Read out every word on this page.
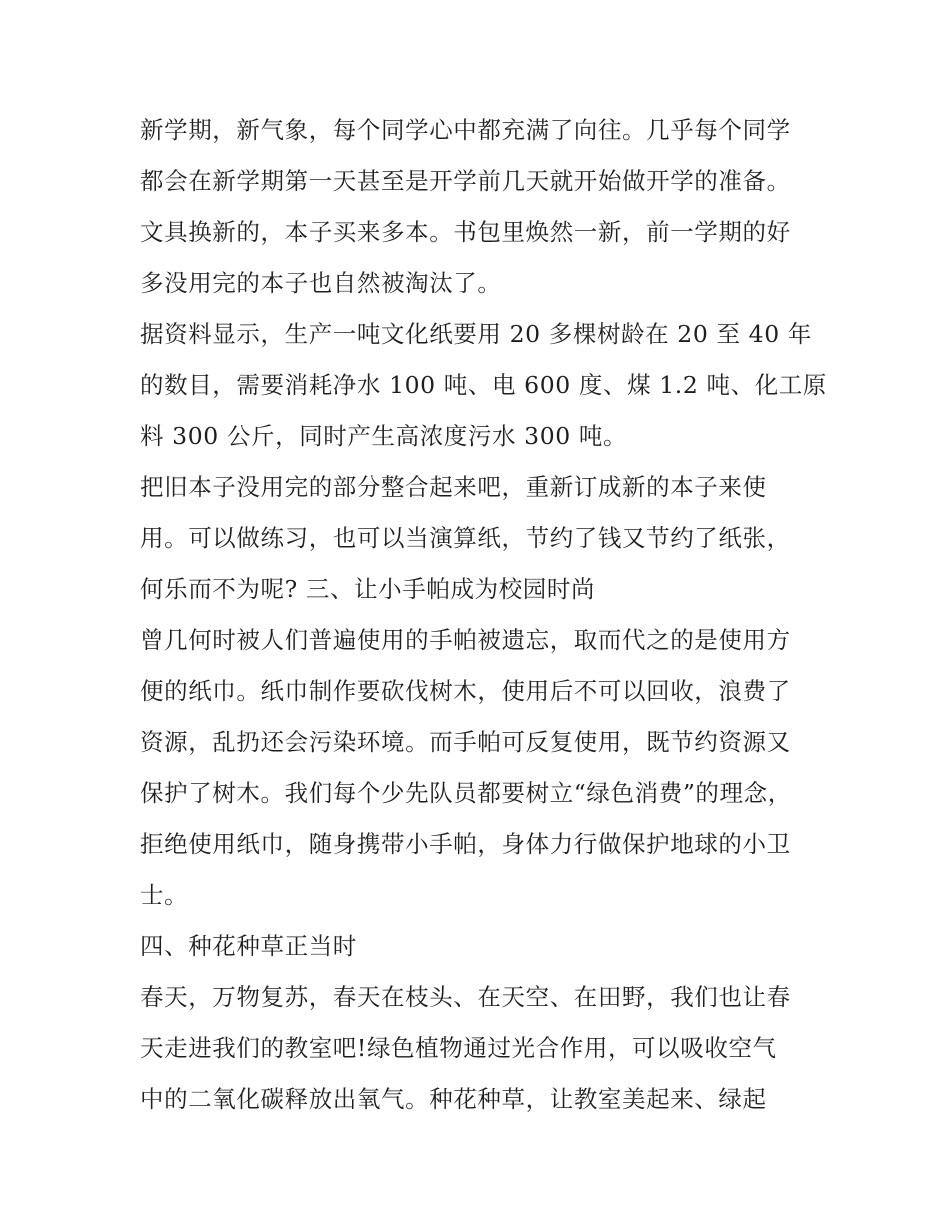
新学期，新气象，每个同学心中都充满了向往。几乎每个同学
都会在新学期第一天甚至是开学前几天就开始做开学的准备。
文具换新的，本子买来多本。书包里焕然一新，前一学期的好
多没用完的本子也自然被淘汰了。
据资料显示，生产一吨文化纸要用 20 多棵树龄在 20 至 40 年
的数目，需要消耗净水 100 吨、电 600 度、煤 1.2 吨、化工原
料 300 公斤，同时产生高浓度污水 300 吨。
把旧本子没用完的部分整合起来吧，重新订成新的本子来使
用。可以做练习，也可以当演算纸，节约了钱又节约了纸张，
何乐而不为呢? 三、让小手帕成为校园时尚
曾几何时被人们普遍使用的手帕被遗忘，取而代之的是使用方
便的纸巾。纸巾制作要砍伐树木，使用后不可以回收，浪费了
资源，乱扔还会污染环境。而手帕可反复使用，既节约资源又
保护了树木。我们每个少先队员都要树立“绿色消费”的理念，
拒绝使用纸巾，随身携带小手帕，身体力行做保护地球的小卫
士。
四、种花种草正当时
春天，万物复苏，春天在枝头、在天空、在田野，我们也让春
天走进我们的教室吧!绿色植物通过光合作用，可以吸收空气
中的二氧化碳释放出氧气。种花种草，让教室美起来、绿起
